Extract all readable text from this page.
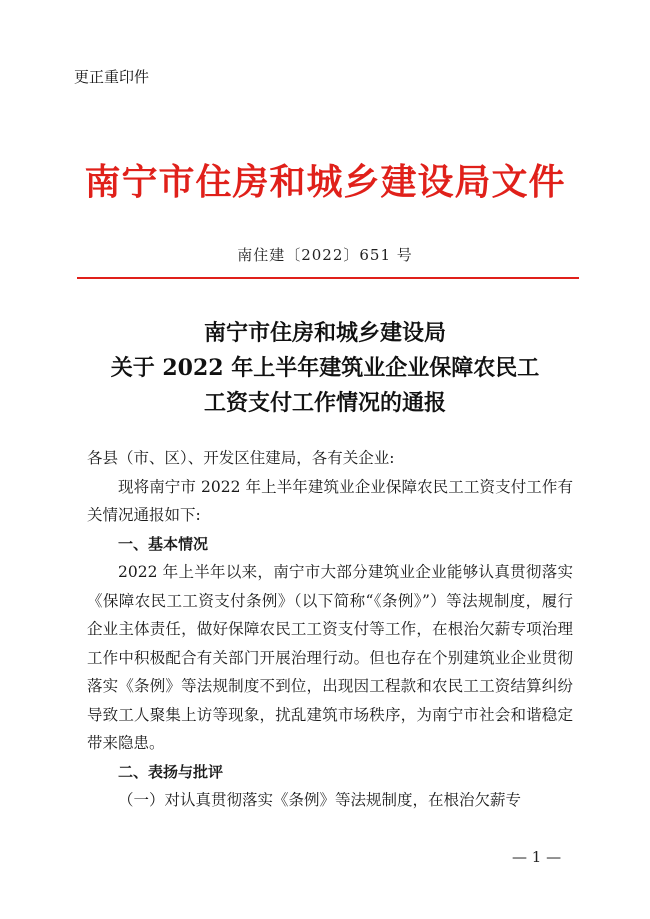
更正重印件
南宁市住房和城乡建设局文件
南住建〔2022〕651 号
南宁市住房和城乡建设局
关于 2022 年上半年建筑业企业保障农民工
工资支付工作情况的通报

各县（市、区）、开发区住建局，各有关企业:

现将南宁市 2022 年上半年建筑业企业保障农民工工资支付工作有关情况通报如下:

一、基本情况

2022 年上半年以来，南宁市大部分建筑业企业能够认真贯彻落实《保障农民工工资支付条例》（以下简称“《条例》”）等法规制度，履行企业主体责任，做好保障农民工工资支付等工作，在根治欠薪专项治理工作中积极配合有关部门开展治理行动。但也存在个别建筑业企业贯彻落实《条例》等法规制度不到位，出现因工程款和农民工工资结算纠纷导致工人聚集上访等现象，扰乱建筑市场秩序，为南宁市社会和谐稳定带来隐患。

二、表扬与批评

（一）对认真贯彻落实《条例》等法规制度，在根治欠薪专

— 1 —
